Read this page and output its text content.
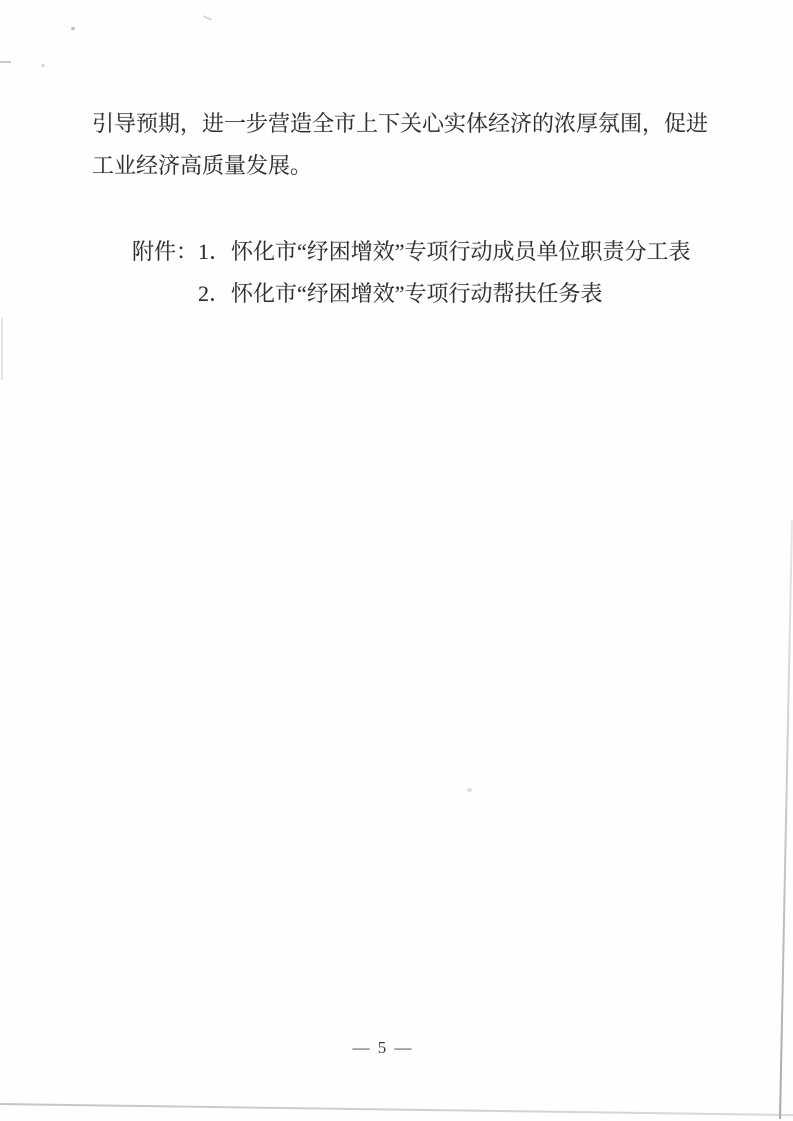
引导预期，进一步营造全市上下关心实体经济的浓厚氛围，促进
工业经济高质量发展。
附件： 1．怀化市“纾困增效”专项行动成员单位职责分工表
2．怀化市“纾困增效”专项行动帮扶任务表
— 5 —
